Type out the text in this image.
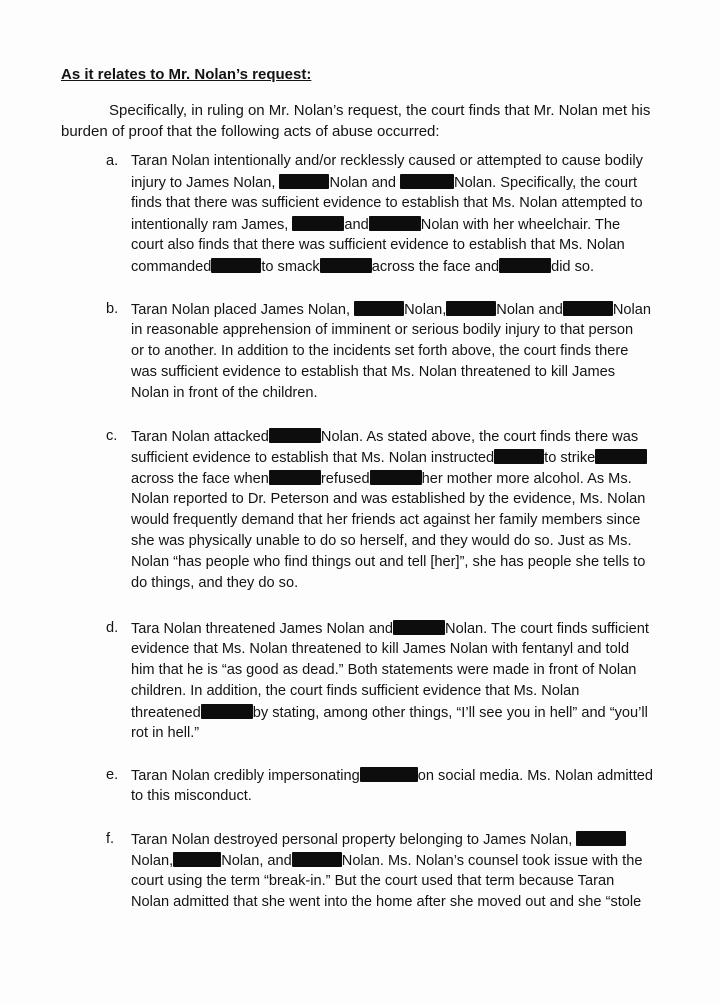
As it relates to Mr. Nolan’s request:
Specifically, in ruling on Mr. Nolan’s request, the court finds that Mr. Nolan met his burden of proof that the following acts of abuse occurred:
a. Taran Nolan intentionally and/or recklessly caused or attempted to cause bodily
injury to James Nolan,	Nolan and	Nolan. Specifically, the court
finds that there was sufficient evidence to establish that Ms. Nolan attempted to
intentionally ram James,	and	Nolan with her wheelchair. The
court also finds that there was sufficient evidence to establish that Ms. Nolan
commanded	to smack	across the face and	did so.
b. Taran Nolan placed James Nolan,	Nolan,	Nolan and	Nolan
in reasonable apprehension of imminent or serious bodily injury to that person
or to another. In addition to the incidents set forth above, the court finds there
was sufficient evidence to establish that Ms. Nolan threatened to kill James
Nolan in front of the children.
c. Taran Nolan attacked	Nolan. As stated above, the court finds there was
sufficient evidence to establish that Ms. Nolan instructed	to strike
across the face when	refused	her mother more alcohol. As Ms.
Nolan reported to Dr. Peterson and was established by the evidence, Ms. Nolan
would frequently demand that her friends act against her family members since
she was physically unable to do so herself, and they would do so. Just as Ms.
Nolan “has people who find things out and tell [her]”, she has people she tells to
do things, and they do so.
d. Tara Nolan threatened James Nolan and	Nolan. The court finds sufficient
evidence that Ms. Nolan threatened to kill James Nolan with fentanyl and told
him that he is “as good as dead.” Both statements were made in front of Nolan
children. In addition, the court finds sufficient evidence that Ms. Nolan
threatened	by stating, among other things, “I’ll see you in hell” and “you’ll
rot in hell.”
e. Taran Nolan credibly impersonating	on social media. Ms. Nolan admitted
to this misconduct.
f. Taran Nolan destroyed personal property belonging to James Nolan,
Nolan,	Nolan, and	Nolan. Ms. Nolan’s counsel took issue with the
court using the term “break-in.” But the court used that term because Taran
Nolan admitted that she went into the home after she moved out and she “stole
